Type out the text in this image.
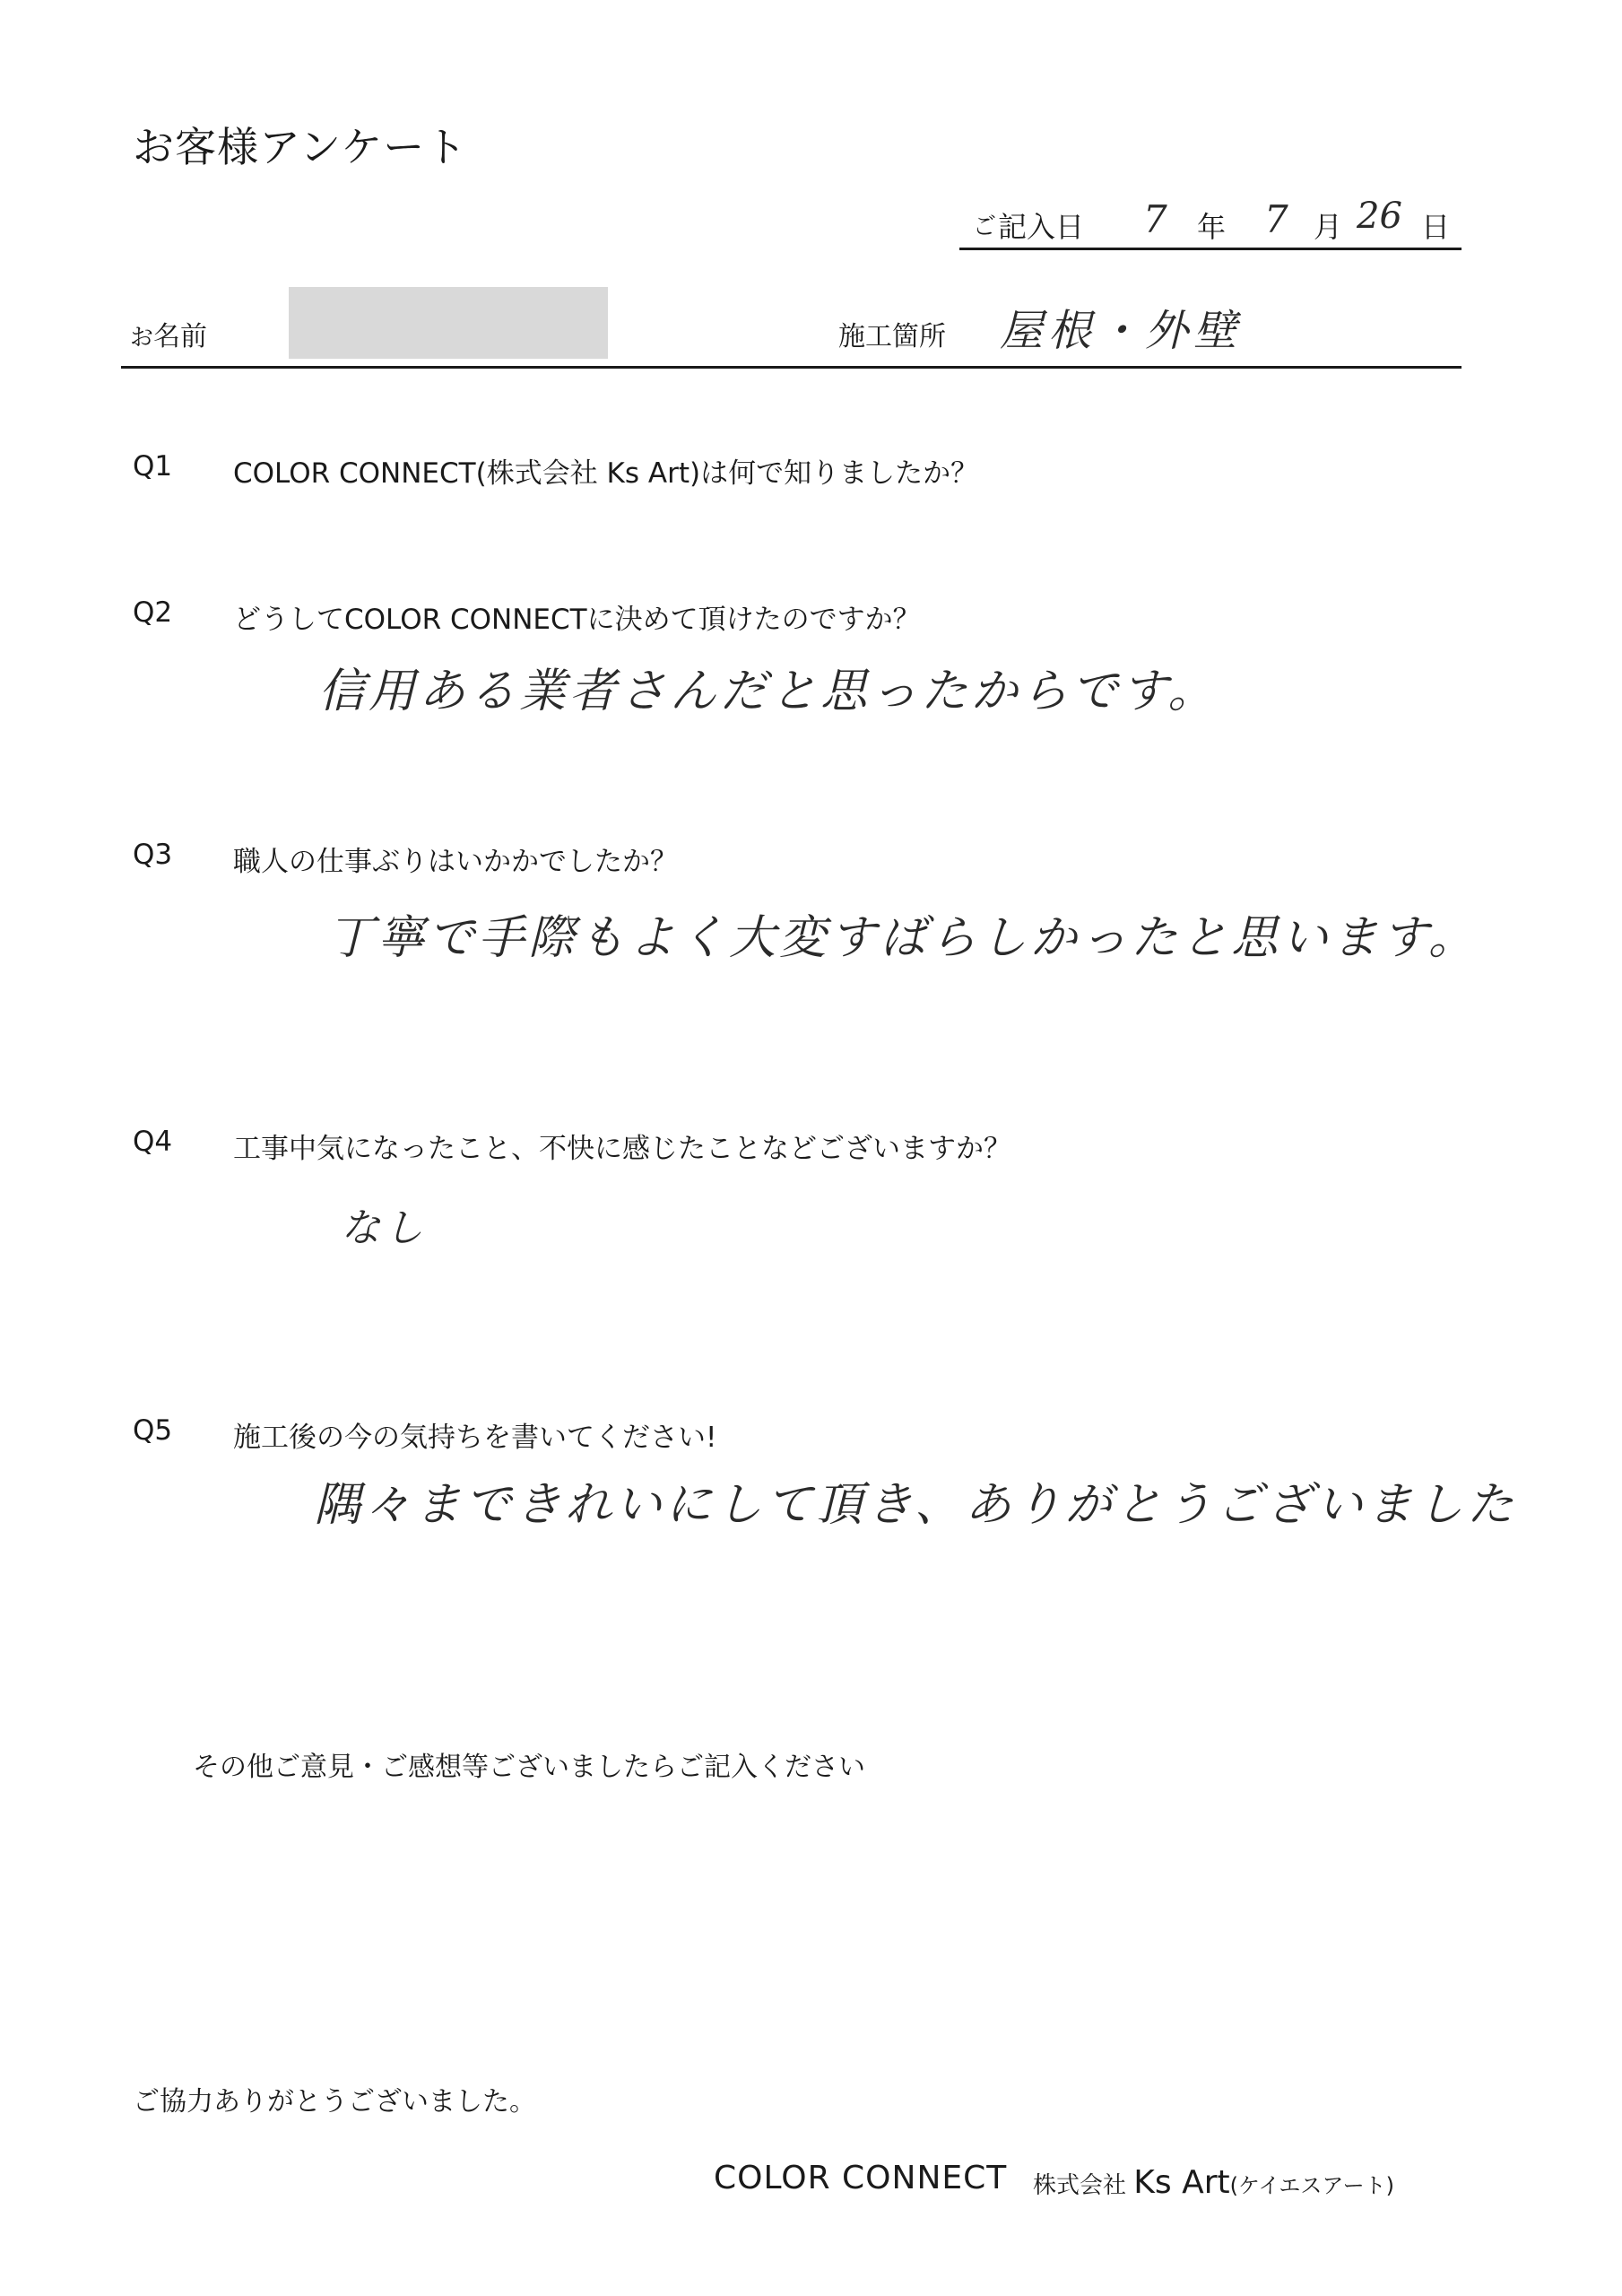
お客様アンケート
ご記入日 7 年 7 月 26 日
お名前	施工箇所 屋根・外壁
Q1 COLOR CONNECT(株式会社 Ks Art)は何で知りましたか？
Q2 どうしてCOLOR CONNECTに決めて頂けたのですか？
信用ある業者さんだと思ったからです。
Q3 職人の仕事ぶりはいかかでしたか？
丁寧で手際もよく大変すばらしかったと思います。
Q4 工事中気になったこと、不快に感じたことなどございますか？
なし
Q5 施工後の今の気持ちを書いてください!
隅々まできれいにして頂き、ありがとうございました
その他ご意見・ご感想等ございましたらご記入ください
ご協力ありがとうございました。
COLOR CONNECT 株式会社 Ks Art(ケイエスアート)
